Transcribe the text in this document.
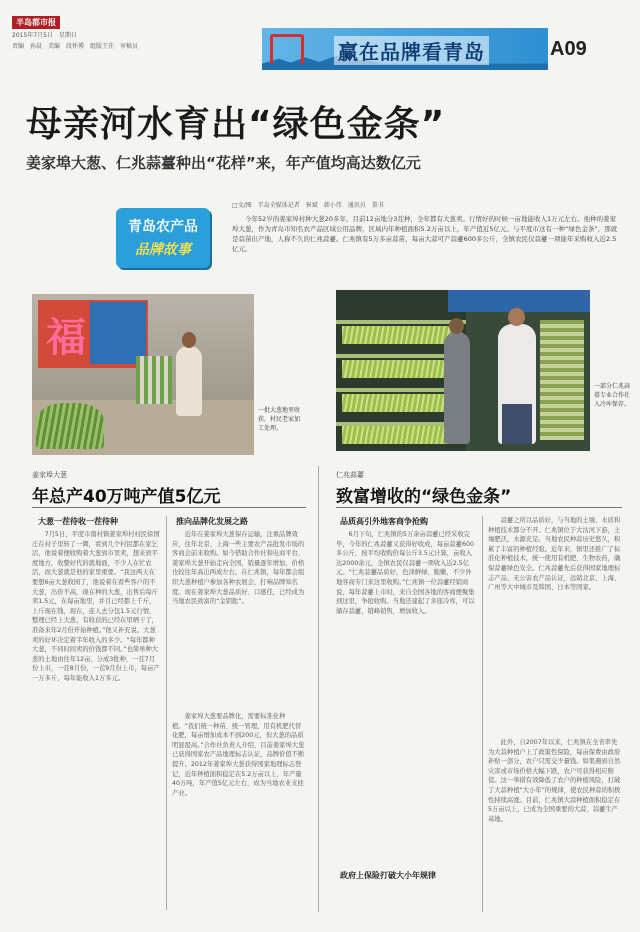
半岛都市报
2015年7月5日　星期日
责编　孙晨　美编　段怀博　组版王佳　审稿员	赢在品牌看青岛	A09
母亲河水育出“绿色金条”
姜家埠大葱、仁兆蒜薹种出“花样”来，年产值均高达数亿元
青岛农产品
品牌故事
□文/图　半岛全媒体记者　崔斌　韩小伟　通讯员　董书
今年52岁的姜家埠村种大葱20多年，目前12亩地分3茬种，全年都有大葱卖。行情好的时候一亩地能收入1万元左右。他种的姜家埠大葱，作为青岛市知名农产品区域公用品牌，区域内年种植面积5.2万亩以上，年产值近5亿元。与平度市这有一种“绿色金条”，那就是蒜苗出产地，人称不久的仁兆蒜薹。仁兆镇有5万多亩蒜苗，每亩大蒜可产蒜薹600多公斤，全镇农民仅蒜薹一项能年采购收入近2.5亿元。
福
一批大葱地里收获，村民老家加工处理。
一部分仁兆蒜薹专业合作社入冷库保存。
姜家埠大葱
年总产40万吨产值5亿元
大葱一茬待收一茬待种	推向品牌化发展之路
7月5日，平度市南村镇姜家埠村村民徐国庄在村子里转了一圈，看到几个村民都在家乞活，他说着便收购着大葱到市里卖，想来到平度地方，收整好代的就地面，不少人在忙农活，而大葱就是他的家里重要。“我这两天在要想6亩大葱收园了，他说着在看些客户的不大葱，出价不高，现在种的大葱，出售后每斤卖1.5元，在每亩地里，并且已经都上千斤，上斤现在钱，现在，连人去分包1.5元行情，整理已经上大葱，有收获的已经在里晒干了，准备来年2月份开始种植。”他又补充说。大葱卖的好坏决定着半年收入的多少。“每年都种大葱，不同时间卖的价钱都不同。”也简单种大葱的土地由往年12亩、分成3批种，一茬7月份上市，一茬8月份，一茬9月份上市，每亩产一万多斤，每年能收入1万多元。
近年在姜家埠大葱保存运输，注重品牌效应，往年北京、上海一些主要农产品批发市场的客商会前来收购。如今借助合作社和电商平台，姜家埠大葱开始走向全国，销量逐年增加，价格也较往年高出两成左右。在仁兆镇，每年都会组织大葱种植户参加各种农展会，打响品牌知名度。现在姜家埠大葱品质好、口感佳，已经成为当地农民致富的“金钥匙”。
姜家埠大葱要品牌化，需要标准化种植。“我们统一种苗、统一管理，用有机肥代替化肥，每亩增加成本不到200元，但大葱的品质明显提高。”合作社负责人介绍，目前姜家埠大葱已获得国家农产品地理标志认证，品牌价值不断提升。2012年姜家埠大葱获得国家地理标志登记，近年种植面积稳定在5.2万亩以上，年产量40万吨，年产值5亿元左右，成为当地农业支柱产业。
仁兆蒜薹
致富增收的“绿色金条”
品质高引外地客商争抢购
6月下旬，仁兆镇的5万余亩蒜薹已经采收完毕，今年的仁兆蒜薹又获得好收成，每亩蒜薹600多公斤，按平均收购价每公斤3.5元计算，亩收入达2000余元，全镇农民仅蒜薹一项收入近2.5亿元。“仁兆蒜薹品质好，色泽鲜绿、脆嫩，不少外地客商专门来这里收购。”仁兆镇一位蒜薹经销商说，每年蒜薹上市时，来自全国各地的客商便聚集到这里，争抢收购。当地还建起了多座冷库，可以储存蒜薹，错峰销售，增加收入。
政府上保险打破大小年规律
蒜薹之所以品质好，与当地的土壤、水质和种植技术都分不开。仁兆镇位于大沽河下游，土壤肥沃，水源充足。当地农民种蒜历史悠久，积累了丰富的种植经验。近年来，镇里还推广了标准化种植技术，统一使用有机肥、生物农药，确保蒜薹绿色安全。仁兆蒜薹先后获得国家地理标志产品、无公害农产品认证，远销北京、上海、广州等大中城市及韩国、日本等国家。
此外，自2007年以来，仁兆镇在全省率先为大蒜种植户上了政策性保险，每亩保费由政府补贴一部分，农户只需交少量钱。如果遇到自然灾害或市场价格大幅下跌，农户可获得相应赔偿。这一举措有效降低了农户的种植风险，打破了大蒜种植“大小年”的规律，使农民种蒜的积极性持续高涨。目前，仁兆镇大蒜种植面积稳定在5万亩以上，已成为全国重要的大蒜、蒜薹生产基地。
